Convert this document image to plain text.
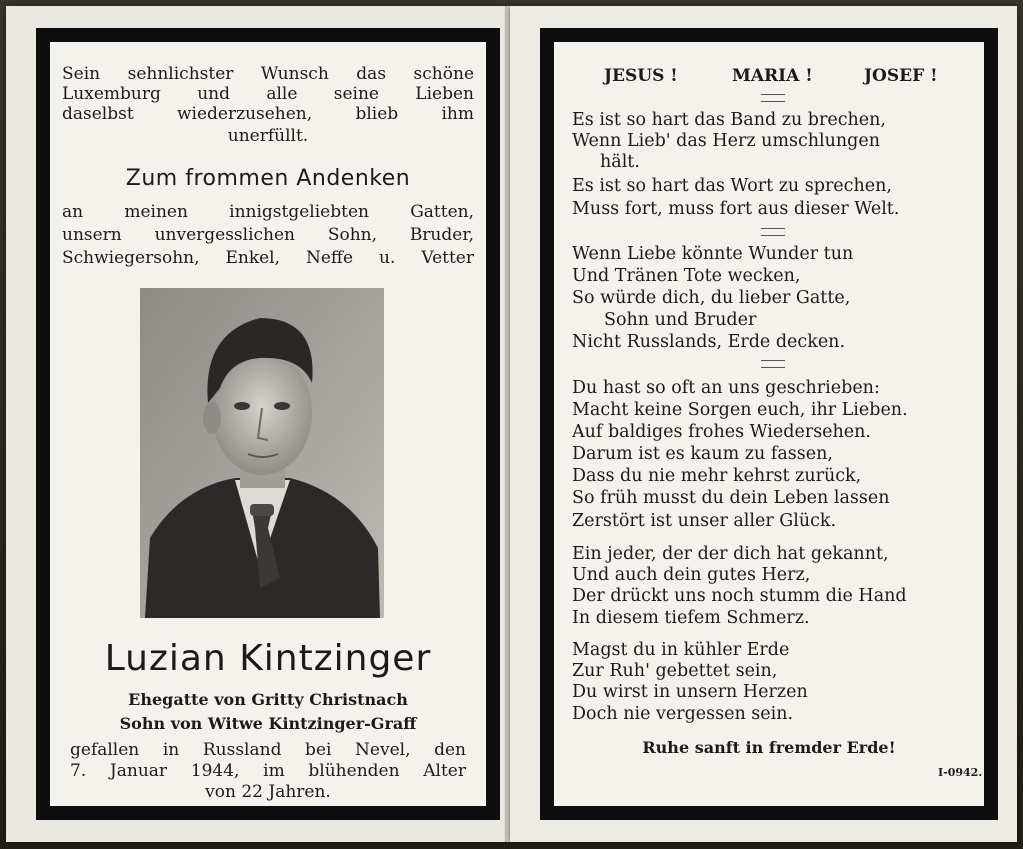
Sein sehnlichster Wunsch das schöne
Luxemburg und alle seine Lieben
daselbst wiederzusehen, blieb ihm
unerfüllt.
Zum frommen Andenken
an meinen innigstgeliebten Gatten,
unsern unvergesslichen Sohn, Bruder,
Schwiegersohn, Enkel, Neffe u. Vetter
Luzian Kintzinger
Ehegatte von Gritty Christnach
Sohn von Witwe Kintzinger-Graff
gefallen in Russland bei Nevel, den
7. Januar 1944, im blühenden Alter
von 22 Jahren.
JESUS !	MARIA !	JOSEF !
Es ist so hart das Band zu brechen,
Wenn Lieb' das Herz umschlungen
hält.
Es ist so hart das Wort zu sprechen,
Muss fort, muss fort aus dieser Welt.
Wenn Liebe könnte Wunder tun
Und Tränen Tote wecken,
So würde dich, du lieber Gatte,
Sohn und Bruder
Nicht Russlands, Erde decken.
Du hast so oft an uns geschrieben:
Macht keine Sorgen euch, ihr Lieben.
Auf baldiges frohes Wiedersehen.
Darum ist es kaum zu fassen,
Dass du nie mehr kehrst zurück,
So früh musst du dein Leben lassen
Zerstört ist unser aller Glück.
Ein jeder, der der dich hat gekannt,
Und auch dein gutes Herz,
Der drückt uns noch stumm die Hand
In diesem tiefem Schmerz.
Magst du in kühler Erde
Zur Ruh' gebettet sein,
Du wirst in unsern Herzen
Doch nie vergessen sein.
Ruhe sanft in fremder Erde!
I-0942.
